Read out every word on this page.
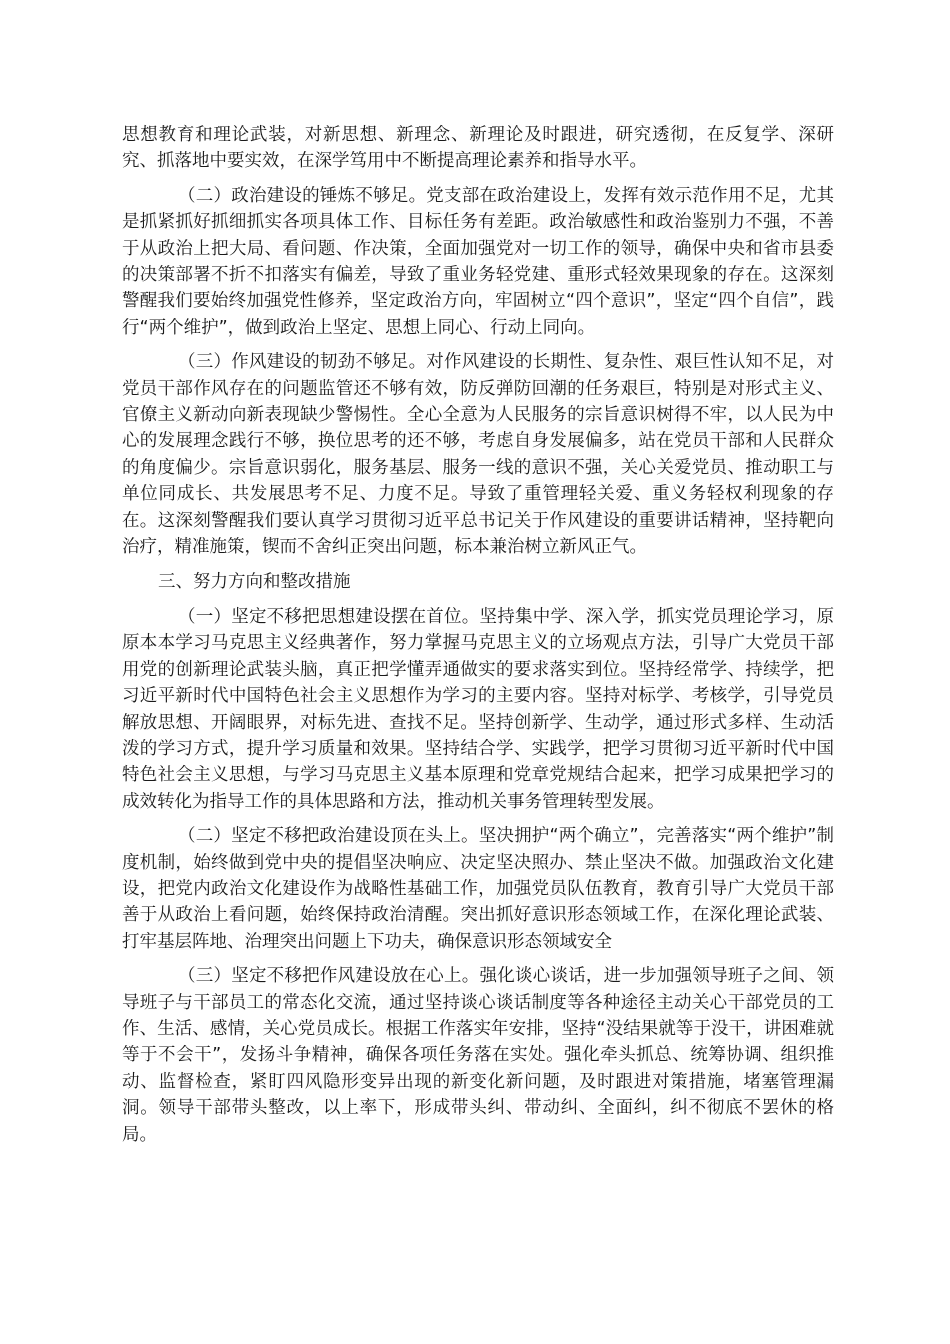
思想教育和理论武装，对新思想、新理念、新理论及时跟进，研究透彻，在反复学、深研究、抓落地中要实效，在深学笃用中不断提高理论素养和指导水平。

（二）政治建设的锤炼不够足。党支部在政治建设上，发挥有效示范作用不足，尤其是抓紧抓好抓细抓实各项具体工作、目标任务有差距。政治敏感性和政治鉴别力不强，不善于从政治上把大局、看问题、作决策，全面加强党对一切工作的领导，确保中央和省市县委的决策部署不折不扣落实有偏差，导致了重业务轻党建、重形式轻效果现象的存在。这深刻警醒我们要始终加强党性修养，坚定政治方向，牢固树立“四个意识”，坚定“四个自信”，践行“两个维护”，做到政治上坚定、思想上同心、行动上同向。

（三）作风建设的韧劲不够足。对作风建设的长期性、复杂性、艰巨性认知不足，对党员干部作风存在的问题监管还不够有效，防反弹防回潮的任务艰巨，特别是对形式主义、官僚主义新动向新表现缺少警惕性。全心全意为人民服务的宗旨意识树得不牢，以人民为中心的发展理念践行不够，换位思考的还不够，考虑自身发展偏多，站在党员干部和人民群众的角度偏少。宗旨意识弱化，服务基层、服务一线的意识不强，关心关爱党员、推动职工与单位同成长、共发展思考不足、力度不足。导致了重管理轻关爱、重义务轻权利现象的存在。这深刻警醒我们要认真学习贯彻习近平总书记关于作风建设的重要讲话精神，坚持靶向治疗，精准施策，锲而不舍纠正突出问题，标本兼治树立新风正气。

三、努力方向和整改措施

（一）坚定不移把思想建设摆在首位。坚持集中学、深入学，抓实党员理论学习，原原本本学习马克思主义经典著作，努力掌握马克思主义的立场观点方法，引导广大党员干部用党的创新理论武装头脑，真正把学懂弄通做实的要求落实到位。坚持经常学、持续学，把习近平新时代中国特色社会主义思想作为学习的主要内容。坚持对标学、考核学，引导党员解放思想、开阔眼界，对标先进、查找不足。坚持创新学、生动学，通过形式多样、生动活泼的学习方式，提升学习质量和效果。坚持结合学、实践学，把学习贯彻习近平新时代中国特色社会主义思想，与学习马克思主义基本原理和党章党规结合起来，把学习成果把学习的成效转化为指导工作的具体思路和方法，推动机关事务管理转型发展。

（二）坚定不移把政治建设顶在头上。坚决拥护“两个确立”，完善落实“两个维护”制度机制，始终做到党中央的提倡坚决响应、决定坚决照办、禁止坚决不做。加强政治文化建设，把党内政治文化建设作为战略性基础工作，加强党员队伍教育，教育引导广大党员干部善于从政治上看问题，始终保持政治清醒。突出抓好意识形态领域工作，在深化理论武装、打牢基层阵地、治理突出问题上下功夫，确保意识形态领域安全

（三）坚定不移把作风建设放在心上。强化谈心谈话，进一步加强领导班子之间、领导班子与干部员工的常态化交流，通过坚持谈心谈话制度等各种途径主动关心干部党员的工作、生活、感情，关心党员成长。根据工作落实年安排，坚持“没结果就等于没干，讲困难就等于不会干”，发扬斗争精神，确保各项任务落在实处。强化牵头抓总、统筹协调、组织推动、监督检查，紧盯四风隐形变异出现的新变化新问题，及时跟进对策措施，堵塞管理漏洞。领导干部带头整改，以上率下，形成带头纠、带动纠、全面纠，纠不彻底不罢休的格局。
